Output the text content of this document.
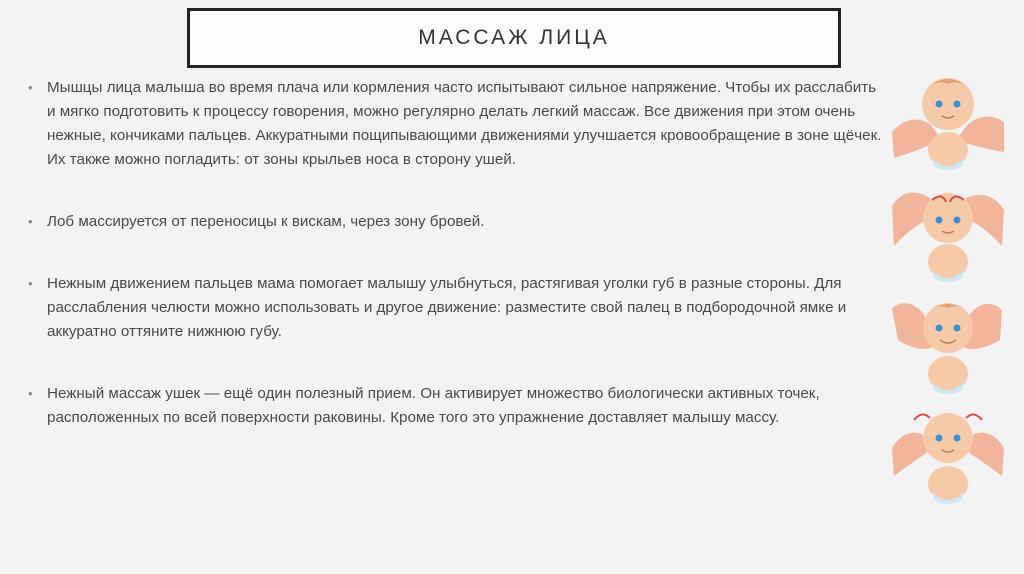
МАССАЖ ЛИЦА

• Мышцы лица малыша во время плача или кормления часто испытывают сильное напряжение. Чтобы их расслабить и мягко подготовить к процессу говорения, можно регулярно делать легкий массаж. Все движения при этом очень нежные, кончиками пальцев. Аккуратными пощипывающими движениями улучшается кровообращение в зоне щёчек. Их также можно погладить: от зоны крыльев носа в сторону ушей.

• Лоб массируется от переносицы к вискам, через зону бровей.

• Нежным движением пальцев мама помогает малышу улыбнуться, растягивая уголки губ в разные стороны. Для расслабления челюсти можно использовать и другое движение: разместите свой палец в подбородочной ямке и аккуратно оттяните нижнюю губу.

• Нежный массаж ушек — ещё один полезный прием. Он активирует множество биологически активных точек, расположенных по всей поверхности раковины. Кроме того это упражнение доставляет малышу массу.
